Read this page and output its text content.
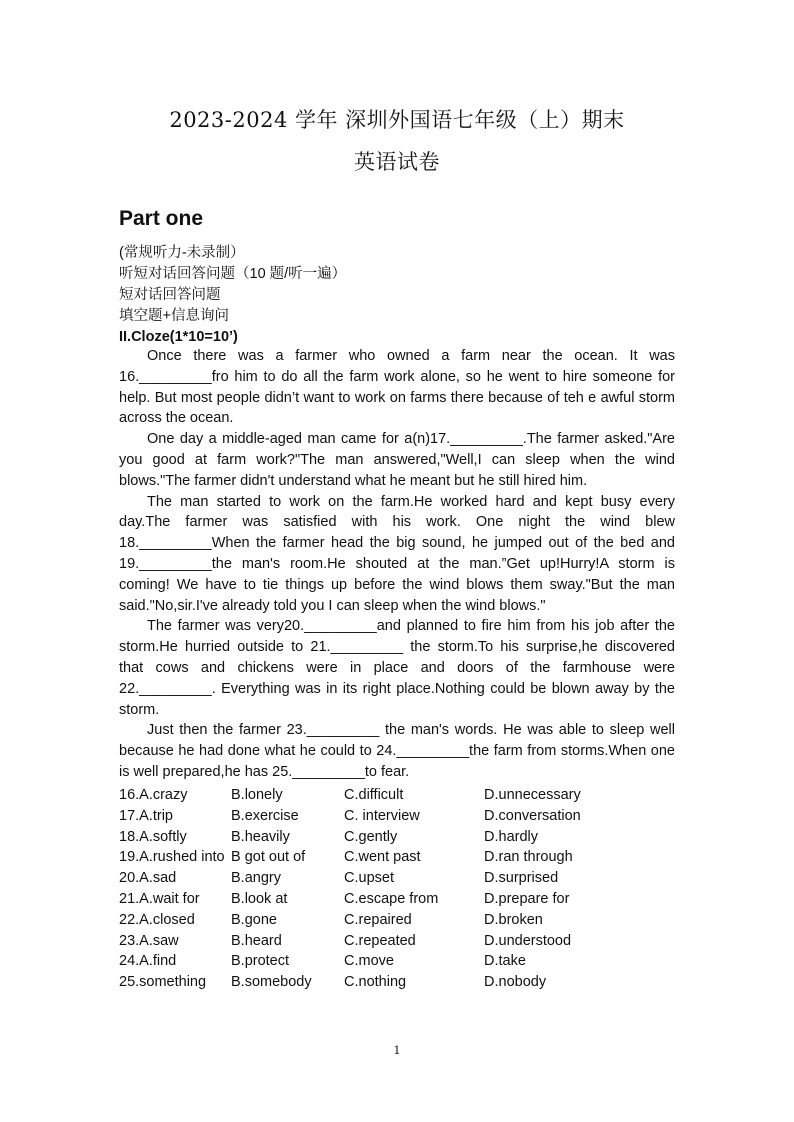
2023-2024 学年 深圳外国语七年级（上）期末
英语试卷
Part one
(常规听力-未录制）
听短对话回答问题（10 题/听一遍）
短对话回答问题
填空题+信息询问
II.Cloze(1*10=10’)

Once there was a farmer who owned a farm near the ocean. It was 16._________fro him to do all the farm work alone, so he went to hire someone for help. But most people didn’t want to work on farms there because of teh e awful storm across the ocean.

One day a middle-aged man came for a(n)17._________.The farmer asked."Are you good at farm work?"The man answered,"Well,I can sleep when the wind blows."The farmer didn't understand what he meant but he still hired him.

The man started to work on the farm.He worked hard and kept busy every day.The farmer was satisfied with his work. One night the wind blew 18._________When the farmer head the big sound, he jumped out of the bed and 19._________the man's room.He shouted at the man.”Get up!Hurry!A storm is coming! We have to tie things up before the wind blows them sway."But the man said."No,sir.I've already told you I can sleep when the wind blows."

The farmer was very20._________and planned to fire him from his job after the storm.He hurried outside to 21._________ the storm.To his surprise,he discovered that cows and chickens were in place and doors of the farmhouse were 22._________. Everything was in its right place.Nothing could be blown away by the storm.

Just then the farmer 23._________ the man's words. He was able to sleep well because he had done what he could to 24._________the farm from storms.When one is well prepared,he has 25._________to fear.

16.A.crazy	B.lonely	C.difficult	D.unnecessary
17.A.trip	B.exercise	C. interview	D.conversation
18.A.softly	B.heavily	C.gently	D.hardly
19.A.rushed into B got out of	C.went past	D.ran through
20.A.sad	B.angry	C.upset	D.surprised
21.A.wait for B.look at	C.escape from	D.prepare for
22.A.closed B.gone	C.repaired	D.broken
23.A.saw	B.heard	C.repeated	D.understood
24.A.find	B.protect	C.move	D.take
25.something B.somebody C.nothing	D.nobody
1
